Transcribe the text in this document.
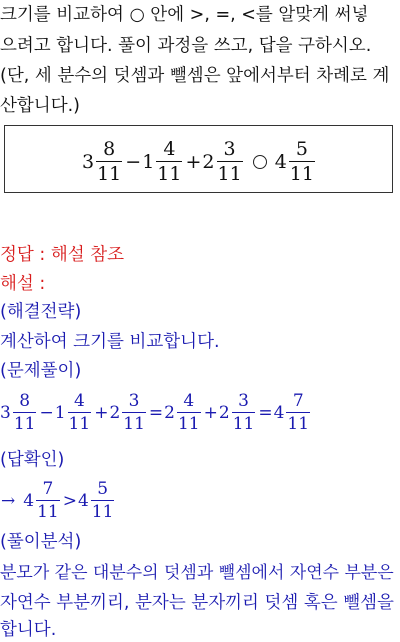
크기를 비교하여 ○ 안에 >, =, <를 알맞게 써넣
으려고 합니다. 풀이 과정을 쓰고, 답을 구하시오.
(단, 세 분수의 덧셈과 뺄셈은 앞에서부터 차례로 계
산합니다.)
$3 \frac{8}{11} - 1 \frac{4}{11} + 2 \frac{3}{11} 4 \frac{5}{11}$
정답 : 해설 참조
해설 :
(해결전략)
계산하여 크기를 비교합니다.
(문제풀이)
$3 \frac{8}{11} - 1 \frac{4}{11} + 2 \frac{3}{11} = 2 \frac{4}{11} + 2 \frac{3}{11} = 4 \frac{7}{11}$
(답확인)
→ $4 \frac{7}{11} > 4 \frac{5}{11}$
(풀이분석)
분모가 같은 대분수의 덧셈과 뺄셈에서 자연수 부분은
자연수 부분끼리, 분자는 분자끼리 덧셈 혹은 뺄셈을
합니다.
